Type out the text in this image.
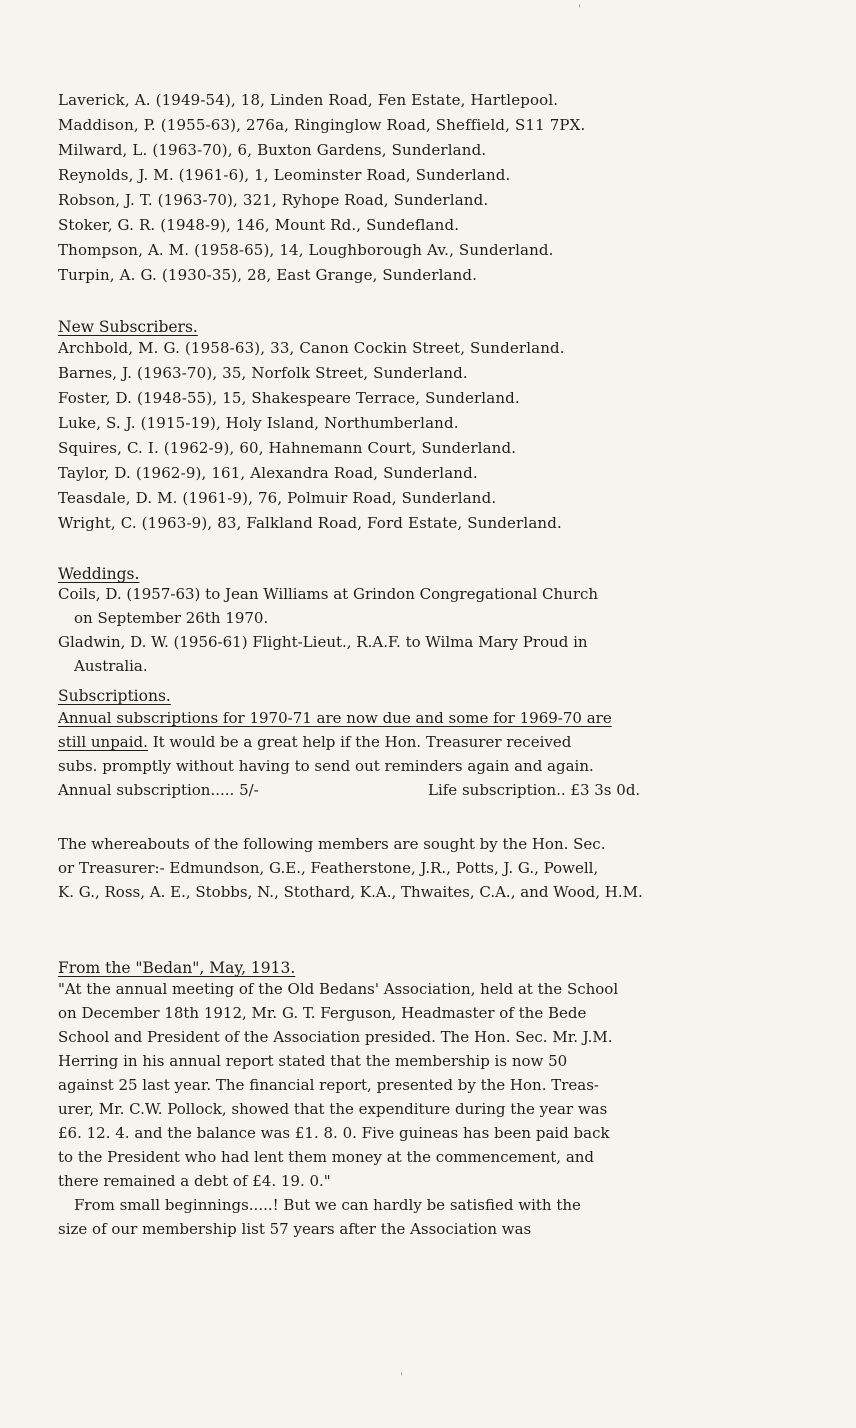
'
Laverick, A. (1949-54), 18, Linden Road, Fen Estate, Hartlepool.
Maddison, P. (1955-63), 276a, Ringinglow Road, Sheffield, S11 7PX.
Milward, L. (1963-70), 6, Buxton Gardens, Sunderland.
Reynolds, J. M. (1961-6), 1, Leominster Road, Sunderland.
Robson, J. T. (1963-70), 321, Ryhope Road, Sunderland.
Stoker, G. R. (1948-9), 146, Mount Rd., Sundefland.
Thompson, A. M. (1958-65), 14, Loughborough Av., Sunderland.
Turpin, A. G. (1930-35), 28, East Grange, Sunderland.
New Subscribers.
Archbold, M. G. (1958-63), 33, Canon Cockin Street, Sunderland.
Barnes, J. (1963-70), 35, Norfolk Street, Sunderland.
Foster, D. (1948-55), 15, Shakespeare Terrace, Sunderland.
Luke, S. J. (1915-19), Holy Island, Northumberland.
Squires, C. I. (1962-9), 60, Hahnemann Court, Sunderland.
Taylor, D. (1962-9), 161, Alexandra Road, Sunderland.
Teasdale, D. M. (1961-9), 76, Polmuir Road, Sunderland.
Wright, C. (1963-9), 83, Falkland Road, Ford Estate, Sunderland.
Weddings.
Coils, D. (1957-63) to Jean Williams at Grindon Congregational Church
on September 26th 1970.
Gladwin, D. W. (1956-61) Flight-Lieut., R.A.F. to Wilma Mary Proud in
Australia.
Subscriptions.
Annual subscriptions for 1970-71 are now due and some for 1969-70 are
still unpaid. It would be a great help if the Hon. Treasurer received
subs. promptly without having to send out reminders again and again.
Annual subscription..... 5/-	Life subscription.. £3 3s 0d.
The whereabouts of the following members are sought by the Hon. Sec.
or Treasurer:- Edmundson, G.E., Featherstone, J.R., Potts, J. G., Powell,
K. G., Ross, A. E., Stobbs, N., Stothard, K.A., Thwaites, C.A., and Wood, H.M.
From the "Bedan", May, 1913.
"At the annual meeting of the Old Bedans' Association, held at the School
on December 18th 1912, Mr. G. T. Ferguson, Headmaster of the Bede
School and President of the Association presided. The Hon. Sec. Mr. J.M.
Herring in his annual report stated that the membership is now 50
against 25 last year. The financial report, presented by the Hon. Treas-
urer, Mr. C.W. Pollock, showed that the expenditure during the year was
£6. 12. 4. and the balance was £1. 8. 0. Five guineas has been paid back
to the President who had lent them money at the commencement, and
there remained a debt of £4. 19. 0."
From small beginnings.....! But we can hardly be satisfied with the
size of our membership list 57 years after the Association was
'
